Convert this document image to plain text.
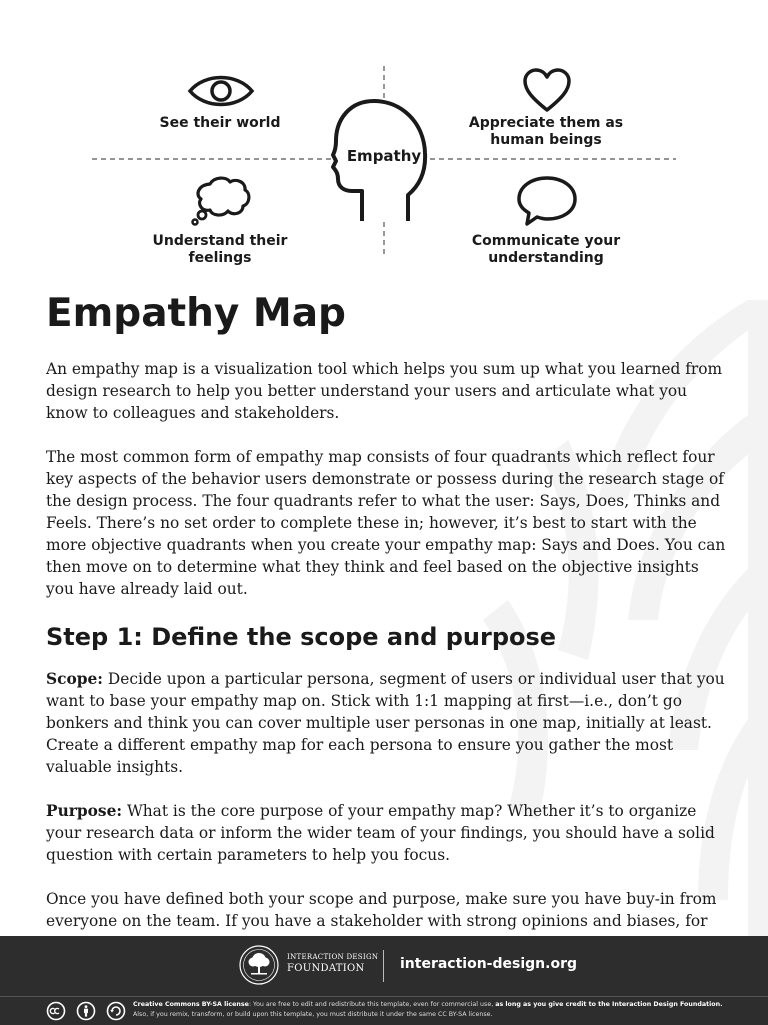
See their world	Appreciate them as
human beings
Understand their
feelings
Communicate your
understanding
Empathy
Empathy Map

An empathy map is a visualization tool which helps you sum up what you learned from design research to help you better understand your users and articulate what you know to colleagues and stakeholders.

The most common form of empathy map consists of four quadrants which reflect four key aspects of the behavior users demonstrate or possess during the research stage of the design process. The four quadrants refer to what the user: Says, Does, Thinks and Feels. There’s no set order to complete these in; however, it’s best to start with the more objective quadrants when you create your empathy map: Says and Does. You can then move on to determine what they think and feel based on the objective insights you have already laid out.

Step 1: Define the scope and purpose

Scope: Decide upon a particular persona, segment of users or individual user that you want to base your empathy map on. Stick with 1:1 mapping at first—i.e., don’t go bonkers and think you can cover multiple user personas in one map, initially at least. Create a different empathy map for each persona to ensure you gather the most valuable insights.

Purpose: What is the core purpose of your empathy map? Whether it’s to organize your research data or inform the wider team of your findings, you should have a solid question with certain parameters to help you focus.

Once you have defined both your scope and purpose, make sure you have buy-in from everyone on the team. If you have a stakeholder with strong opinions and biases, for

INTERACTION DESIGN
FOUNDATION	interaction-design.org

Creative Commons BY-SA license: You are free to edit and redistribute this template, even for commercial use, as long as you give credit to the Interaction Design Foundation.
Also, if you remix, transform, or build upon this template, you must distribute it under the same CC BY-SA license.
